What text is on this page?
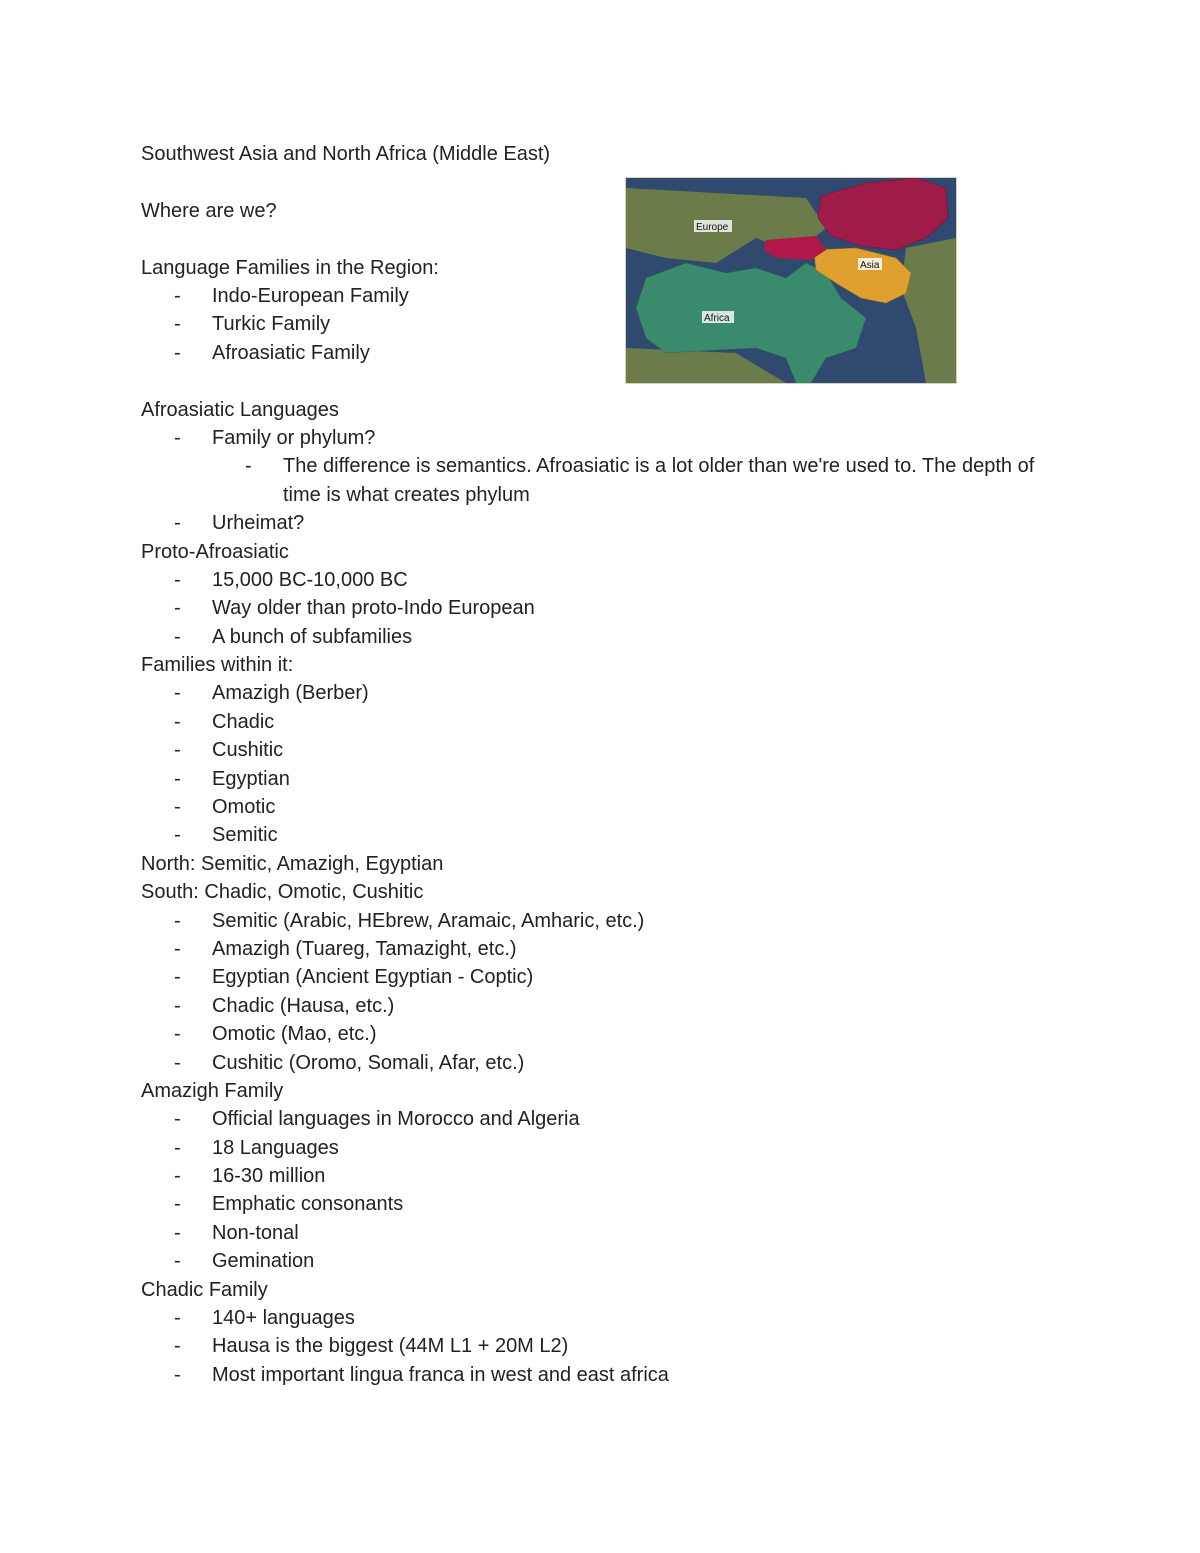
Southwest Asia and North Africa (Middle East)
Where are we?
Language Families in the Region:
- Indo-European Family
- Turkic Family
- Afroasiatic Family
Afroasiatic Languages
- Family or phylum?
- The difference is semantics. Afroasiatic is a lot older than we're used to. The depth of time is what creates phylum
- Urheimat?
Proto-Afroasiatic
- 15,000 BC-10,000 BC
- Way older than proto-Indo European
- A bunch of subfamilies
Families within it:
- Amazigh (Berber)
- Chadic
- Cushitic
- Egyptian
- Omotic
- Semitic
North: Semitic, Amazigh, Egyptian
South: Chadic, Omotic, Cushitic
- Semitic (Arabic, HEbrew, Aramaic, Amharic, etc.)
- Amazigh (Tuareg, Tamazight, etc.)
- Egyptian (Ancient Egyptian - Coptic)
- Chadic (Hausa, etc.)
- Omotic (Mao, etc.)
- Cushitic (Oromo, Somali, Afar, etc.)
Amazigh Family
- Official languages in Morocco and Algeria
- 18 Languages
- 16-30 million
- Emphatic consonants
- Non-tonal
- Gemination
Chadic Family
- 140+ languages
- Hausa is the biggest (44M L1 + 20M L2)
- Most important lingua franca in west and east africa
Europe
Asia
Africa
